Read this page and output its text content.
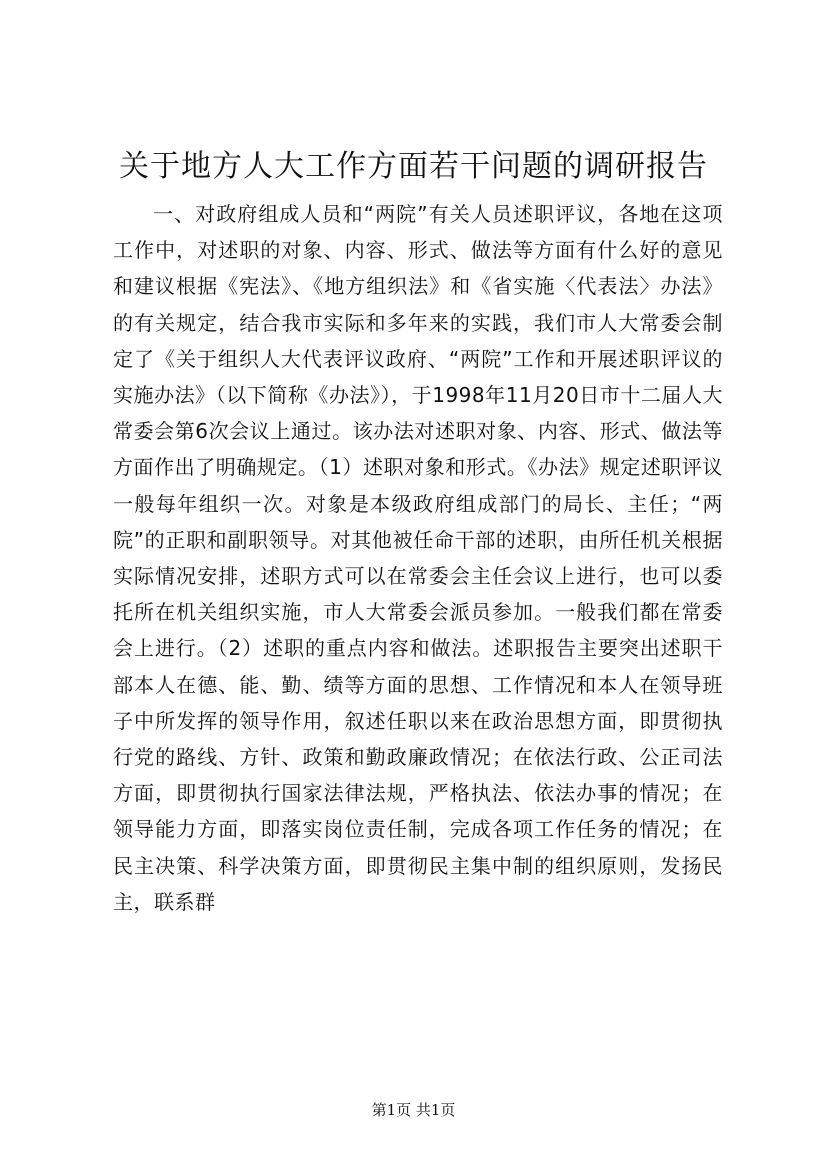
关于地方人大工作方面若干问题的调研报告

一、对政府组成人员和“两院”有关人员述职评议，各地在这项工作中，对述职的对象、内容、形式、做法等方面有什么好的意见和建议根据《宪法》、《地方组织法》和《省实施〈代表法〉办法》的有关规定，结合我市实际和多年来的实践，我们市人大常委会制定了《关于组织人大代表评议政府、“两院”工作和开展述职评议的实施办法》（以下简称《办法》），于1998年11月20日市十二届人大常委会第6次会议上通过。该办法对述职对象、内容、形式、做法等方面作出了明确规定。（1）述职对象和形式。《办法》规定述职评议一般每年组织一次。对象是本级政府组成部门的局长、主任；“两院”的正职和副职领导。对其他被任命干部的述职，由所任机关根据实际情况安排，述职方式可以在常委会主任会议上进行，也可以委托所在机关组织实施，市人大常委会派员参加。一般我们都在常委会上进行。（2）述职的重点内容和做法。述职报告主要突出述职干部本人在德、能、勤、绩等方面的思想、工作情况和本人在领导班子中所发挥的领导作用，叙述任职以来在政治思想方面，即贯彻执行党的路线、方针、政策和勤政廉政情况；在依法行政、公正司法方面，即贯彻执行国家法律法规，严格执法、依法办事的情况；在领导能力方面，即落实岗位责任制，完成各项工作任务的情况；在民主决策、科学决策方面，即贯彻民主集中制的组织原则，发扬民主，联系群

第1页 共1页
